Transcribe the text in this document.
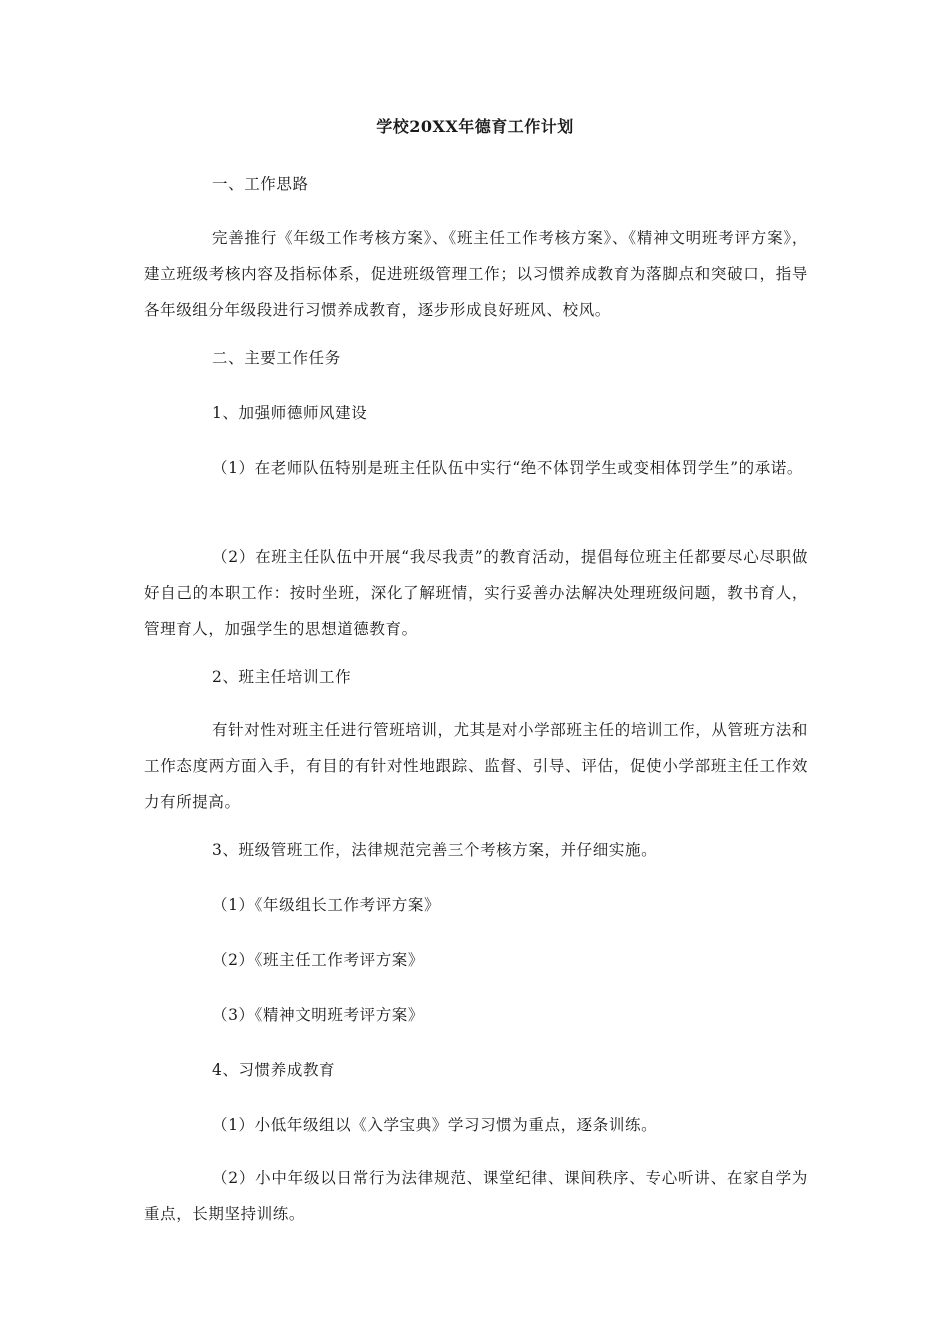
学校20XX年德育工作计划
一、工作思路
完善推行《年级工作考核方案》、《班主任工作考核方案》、《精神文明班考评方案》，建立班级考核内容及指标体系，促进班级管理工作；以习惯养成教育为落脚点和突破口，指导各年级组分年级段进行习惯养成教育，逐步形成良好班风、校风。
二、主要工作任务
1、加强师德师风建设
（1）在老师队伍特别是班主任队伍中实行“绝不体罚学生或变相体罚学生”的承诺。
（2）在班主任队伍中开展“我尽我责”的教育活动，提倡每位班主任都要尽心尽职做好自己的本职工作：按时坐班，深化了解班情，实行妥善办法解决处理班级问题，教书育人，管理育人，加强学生的思想道德教育。
2、班主任培训工作
有针对性对班主任进行管班培训，尤其是对小学部班主任的培训工作，从管班方法和工作态度两方面入手，有目的有针对性地跟踪、监督、引导、评估，促使小学部班主任工作效力有所提高。
3、班级管班工作，法律规范完善三个考核方案，并仔细实施。
（1）《年级组长工作考评方案》
（2）《班主任工作考评方案》
（3）《精神文明班考评方案》
4、习惯养成教育
（1）小低年级组以《入学宝典》学习习惯为重点，逐条训练。
（2）小中年级以日常行为法律规范、课堂纪律、课间秩序、专心听讲、在家自学为重点，长期坚持训练。
